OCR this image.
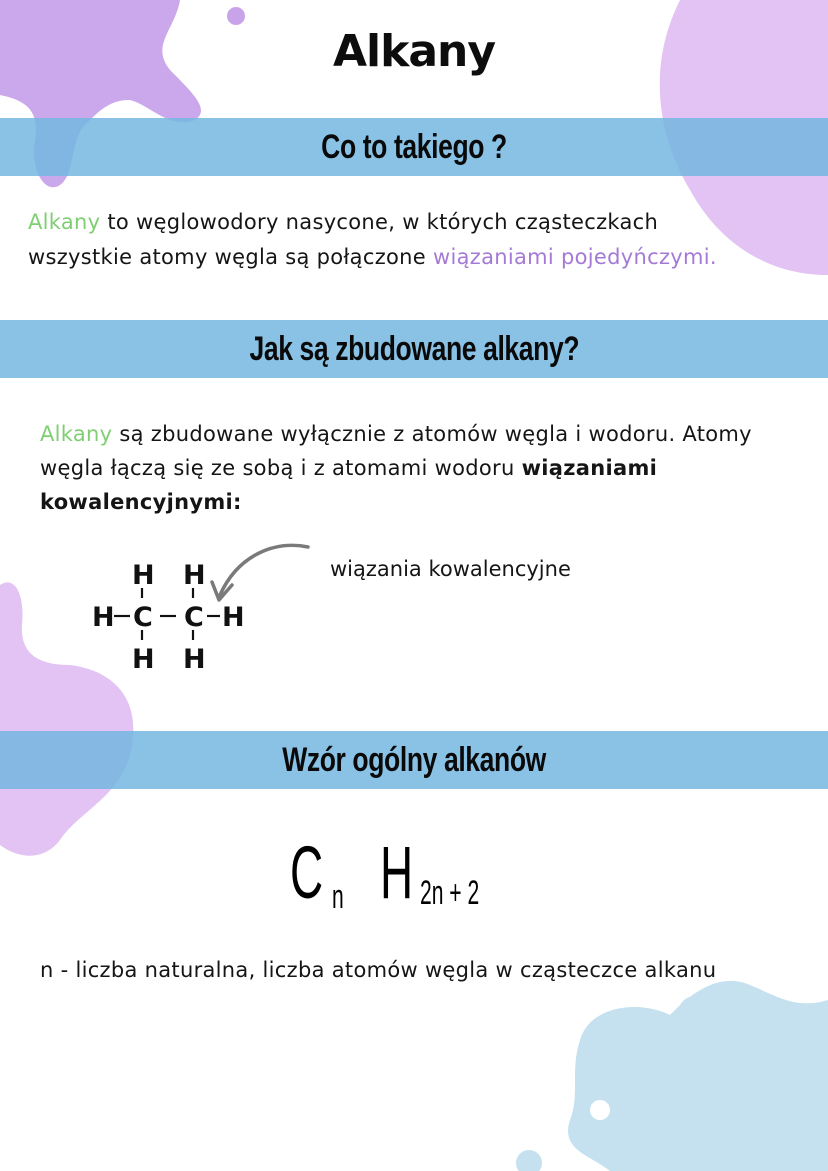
Alkany
Co to takiego ?

Alkany to węglowodory nasycone, w których cząsteczkach
wszystkie atomy węgla są połączone wiązaniami pojedyńczymi.

Jak są zbudowane alkany?

Alkany są zbudowane wyłącznie z atomów węgla i wodoru. Atomy
węgla łączą się ze sobą i z atomami wodoru wiązaniami
kowalencyjnymi:

H H
H C C H
H H
wiązania kowalencyjne
Wzór ogólny alkanów
C n H 2n + 2
n - liczba naturalna, liczba atomów węgla w cząsteczce alkanu
